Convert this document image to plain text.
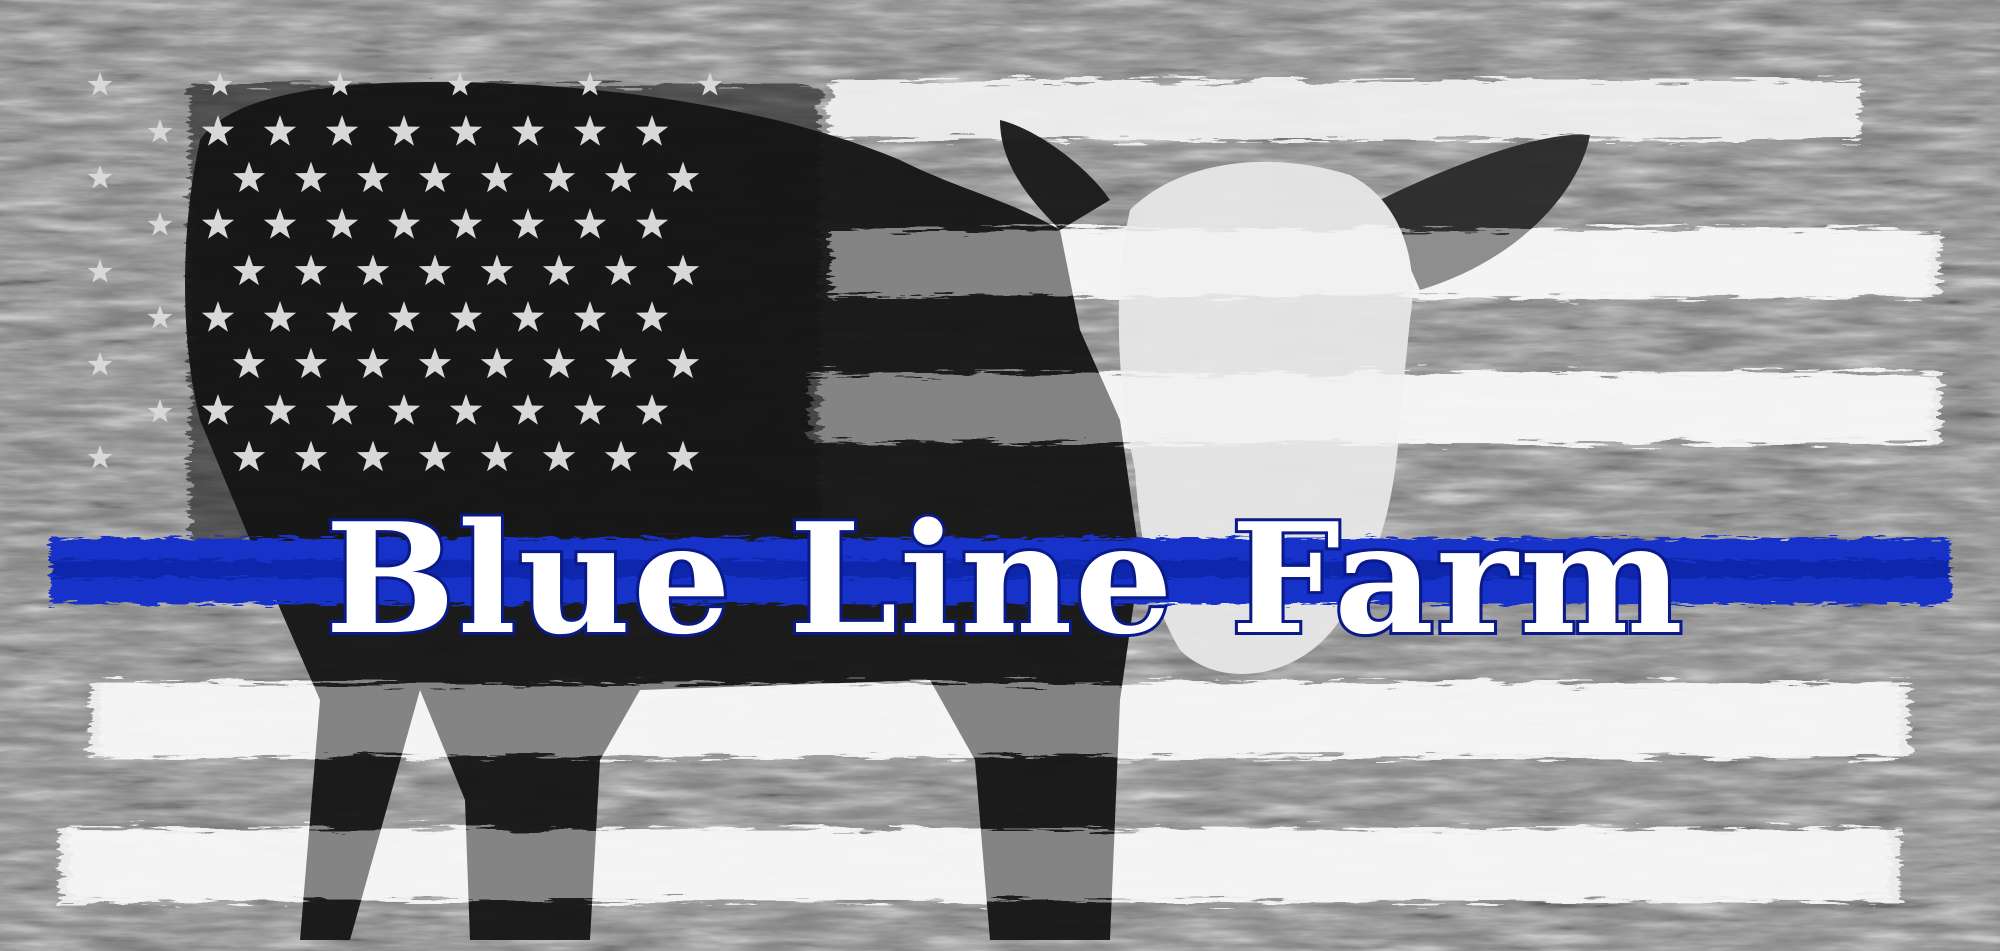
Blue Line Farm
